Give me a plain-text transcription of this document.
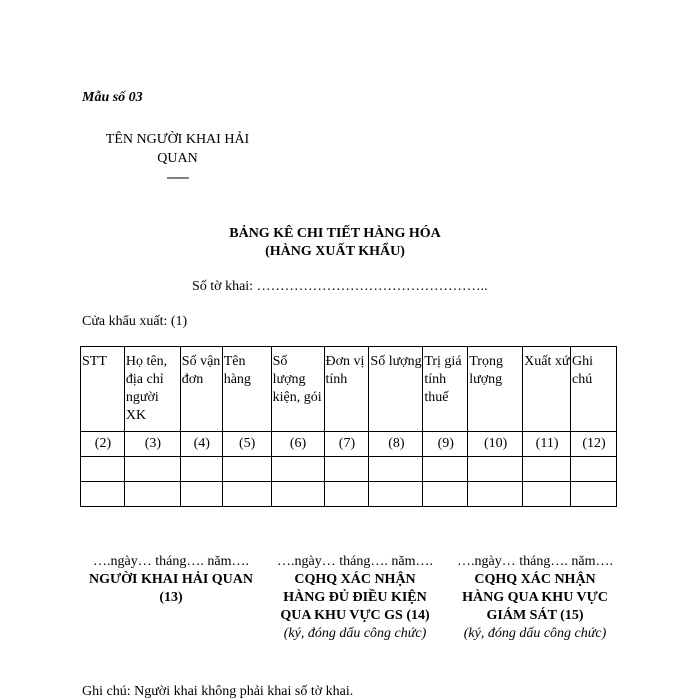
Mẫu số 03
TÊN NGƯỜI KHAI HẢI
QUAN
------
BẢNG KÊ CHI TIẾT HÀNG HÓA
(HÀNG XUẤT KHẨU)
Số tờ khai: …………………………………………..
Cửa khẩu xuất: (1)
STT	Họ tên, địa chỉ người XK	Số vận đơn	Tên hàng	Số lượng kiện, gói	Đơn vị tính	Số lượng	Trị giá tính thuế	Trọng lượng	Xuất xứ	Ghi chú
(2)	(3)	(4)	(5)	(6)	(7)	(8)	(9)	(10)	(11)	(12)

….ngày… tháng…. năm….
NGƯỜI KHAI HẢI QUAN
(13)
….ngày… tháng…. năm….
CQHQ XÁC NHẬN
HÀNG ĐỦ ĐIỀU KIỆN
QUA KHU VỰC GS (14)
(ký, đóng dấu công chức)
….ngày… tháng…. năm….
CQHQ XÁC NHẬN
HÀNG QUA KHU VỰC
GIÁM SÁT (15)
(ký, đóng dấu công chức)
Ghi chú: Người khai không phải khai số tờ khai.
